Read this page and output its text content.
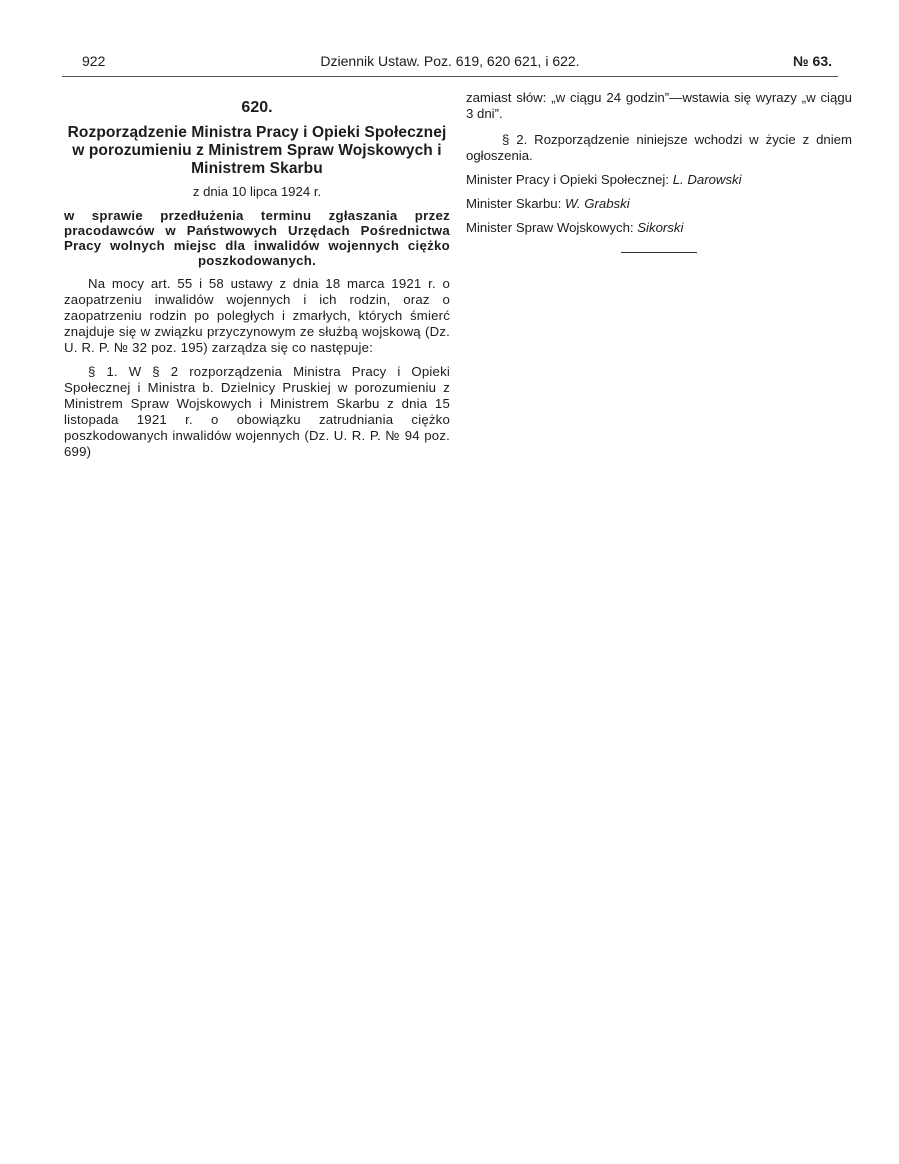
922	Dziennik Ustaw. Poz. 619, 620 621, i 622.	№ 63.

620.

Rozporządzenie Ministra Pracy i Opieki Społecznej w porozumieniu z Ministrem Spraw Wojskowych i Ministrem Skarbu

z dnia 10 lipca 1924 r.

w sprawie przedłużenia terminu zgłaszania przez pracodawców w Państwowych Urzędach Pośrednictwa Pracy wolnych miejsc dla inwalidów wojennych ciężko poszkodowanych.

Na mocy art. 55 i 58 ustawy z dnia 18 marca 1921 r. o zaopatrzeniu inwalidów wojennych i ich rodzin, oraz o zaopatrzeniu rodzin po poległych i zmarłych, których śmierć znajduje się w związku przyczynowym ze służbą wojskową (Dz. U. R. P. № 32 poz. 195) zarządza się co następuje:

§ 1. W § 2 rozporządzenia Ministra Pracy i Opieki Społecznej i Ministra b. Dzielnicy Pruskiej w porozumieniu z Ministrem Spraw Wojskowych i Ministrem Skarbu z dnia 15 listopada 1921 r. o obowiązku zatrudniania ciężko poszkodowanych inwalidów wojennych (Dz. U. R. P. № 94 poz. 699)

zamiast słów: „w ciągu 24 godzin”—wstawia się wyrazy „w ciągu 3 dni”.

§ 2. Rozporządzenie niniejsze wchodzi w życie z dniem ogłoszenia.

Minister Pracy i Opieki Społecznej: L. Darowski

Minister Skarbu: W. Grabski

Minister Spraw Wojskowych: Sikorski
